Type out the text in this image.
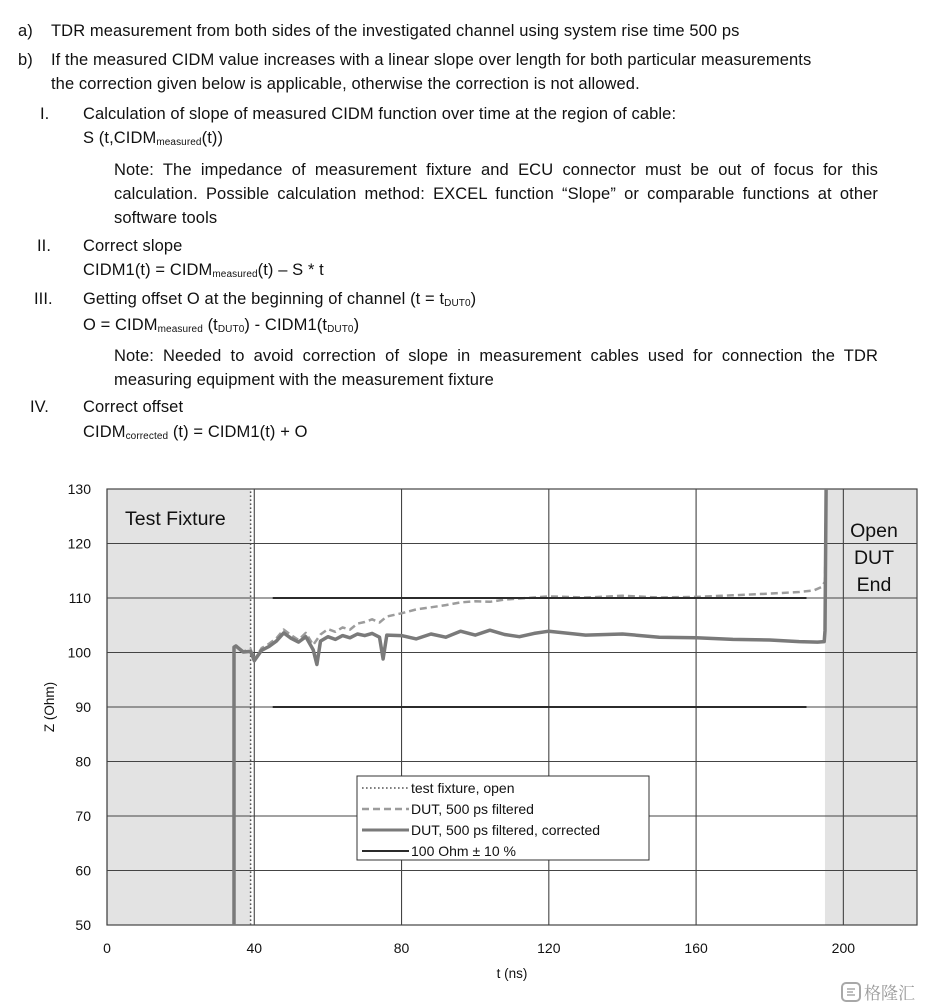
a) TDR measurement from both sides of the investigated channel using system rise time 500 ps
b) If the measured CIDM value increases with a linear slope over length for both particular measurements
the correction given below is applicable, otherwise the correction is not allowed.
I. Calculation of slope of measured CIDM function over time at the region of cable:
S $(t,CIDM_{measured}(t))$
Note: The impedance of measurement fixture and ECU connector must be out of focus for this calculation. Possible calculation method: EXCEL function “Slope” or comparable functions at other software tools
II. Correct slope
CIDM1(t) = $CIDM_{measured}(t)$ – S * t
III. Getting offset O at the beginning of channel $(t = t_{DUT0})$
$O = CIDM_{measured}$ $(t_{DUT0})$ - $CIDM1(t_{DUT0})$
Note: Needed to avoid correction of slope in measurement cables used for connection the TDR measuring equipment with the measurement fixture
IV. Correct offset
$CIDM_{corrected}$ (t) = CIDM1(t) + O
50
60
70
80
90
100
110
120
130
0	40	80	120	160	200
t (ns)
Z (Ohm)
Test Fixture
Open
DUT
End
test fixture, open
DUT, 500 ps filtered
DUT, 500 ps filtered, corrected
100 Ohm ± 10 %
格隆汇
